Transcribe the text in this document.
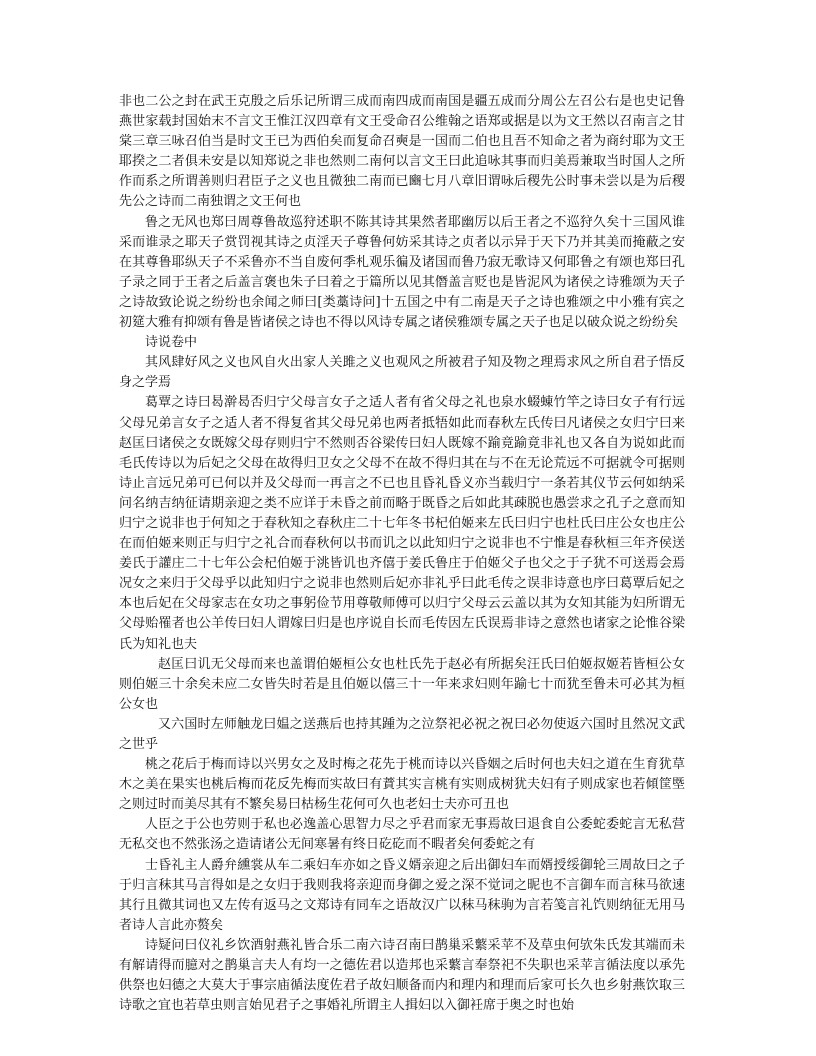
非也二公之封在武王克殷之后乐记所谓三成而南四成而南国是疆五成而分周公左召公右是也史记鲁燕世家载封国始末不言文王惟江汉四章有文王受命召公维翰之语郑或据是以为文王然以召南言之甘棠三章三咏召伯当是时文王已为西伯矣而复命召奭是一国而二伯也且吾不知命之者为商纣耶为文王耶揆之二者俱未安是以知郑说之非也然则二南何以言文王曰此追咏其事而归美焉兼取当时国人之所作而系之所谓善则归君臣子之义也且微独二南而已豳七月八章旧谓咏后稷先公时事未尝以是为后稷先公之诗而二南独谓之文王何也

鲁之无风也郑曰周尊鲁故巡狩述职不陈其诗其果然者耶幽厉以后王者之不巡狩久矣十三国风谁采而谁录之耶天子赏罚视其诗之贞淫天子尊鲁何妨采其诗之贞者以示异于天下乃并其美而掩蔽之安在其尊鲁耶纵天子不采鲁亦不当自废何季札观乐徧及诸国而鲁乃寂无歌诗又何耶鲁之有颂也郑曰孔子录之同于王者之后盖言褒也朱子曰着之于篇所以见其僭盖言贬也是皆泥风为诸侯之诗雅颂为天子之诗故致论说之纷纷也余闻之师曰[类藁诗问]十五国之中有二南是天子之诗也雅颂之中小雅有宾之初筵大雅有抑颂有鲁是皆诸侯之诗也不得以风诗专属之诸侯雅颂专属之天子也足以破众说之纷纷矣

诗说卷中

其风肆好风之义也风自火出家人关雎之义也观风之所被君子知及物之理焉求风之所自君子悟反身之学焉

葛覃之诗曰曷澣曷否归宁父母言女子之适人者有省父母之礼也泉水蝃蝀竹竿之诗曰女子有行远父母兄弟言女子之适人者不得复省其父母兄弟也两者抵牾如此而春秋左氏传曰凡诸侯之女归宁曰来赵匡曰诸侯之女既嫁父母存则归宁不然则否谷梁传曰妇人既嫁不踰竟踰竟非礼也又各自为说如此而毛氏传诗以为后妃之父母在故得归卫女之父母不在故不得归其在与不在无论荒远不可据就令可据则诗止言远兄弟可已何以并及父母而一再言之不已也且昏礼昏义亦当载归宁一条若其仪节云何如纳采问名纳吉纳征请期亲迎之类不应详于未昏之前而略于既昏之后如此其疎脱也愚尝求之孔子之意而知归宁之说非也于何知之于春秋知之春秋庄二十七年冬书杞伯姬来左氏曰归宁也杜氏曰庄公女也庄公在而伯姬来则正与归宁之礼合而春秋何以书而讥之以此知归宁之说非也不宁惟是春秋桓三年齐侯送姜氏于讙庄二十七年公会杞伯姬于洮皆讥也齐僖于姜氏鲁庄于伯姬父子也父之于子犹不可送焉会焉况女之来归于父母乎以此知归宁之说非也然则后妃亦非礼乎曰此毛传之误非诗意也序曰葛覃后妃之本也后妃在父母家志在女功之事躬俭节用尊敬师傅可以归宁父母云云盖以其为女知其能为妇所谓无父母贻罹者也公羊传曰妇人谓嫁曰归是也序说自长而毛传因左氏误焉非诗之意然也诸家之论惟谷梁氏为知礼也夫

赵匡曰讥无父母而来也盖谓伯姬桓公女也杜氏先于赵必有所据矣汪氏曰伯姬叔姬若皆桓公女则伯姬三十余矣未应二女皆失时若是且伯姬以僖三十一年来求妇则年踰七十而犹至鲁未可必其为桓公女也

又六国时左师触龙曰媪之送燕后也持其踵为之泣祭祀必祝之祝曰必勿使返六国时且然况文武之世乎

桃之花后于梅而诗以兴男女之及时梅之花先于桃而诗以兴昏姻之后时何也夫妇之道在生育犹草木之美在果实也桃后梅而花反先梅而实故曰有蕡其实言桃有实则成树犹夫妇有子则成家也若傾筐塈之则过时而美尽其有不繁矣易曰枯杨生花何可久也老妇士夫亦可丑也

人臣之于公也劳则于私也必逸盖心思智力尽之乎君而家无事焉故曰退食自公委蛇委蛇言无私营无私交也不然张汤之造请诸公无间寒暑有终日矻矻而不暇者矣何委蛇之有

士昏礼主人爵弁纁裳从车二乘妇车亦如之昏义婿亲迎之后出御妇车而婿授绥御轮三周故曰之子于归言秣其马言得如是之女归于我则我将亲迎而身御之爱之深不觉词之昵也不言御车而言秣马欲速其行且微其词也又左传有返马之文郑诗有同车之语故汉广以秣马秣驹为言若笺言礼饩则纳征无用马者诗人言此亦赘矣

诗疑问曰仪礼乡饮酒射燕礼皆合乐二南六诗召南曰鹊巢采蘩采苹不及草虫何欤朱氏发其端而未有解请得而臆对之鹊巢言夫人有均一之德佐君以造邦也采蘩言奉祭祀不失职也采苹言循法度以承先供祭也妇德之大莫大于事宗庙循法度佐君子故妇顺备而内和理内和理而后家可长久也乡射燕饮取三诗歌之宜也若草虫则言始见君子之事婚礼所谓主人揖妇以入御衽席于奥之时也始
